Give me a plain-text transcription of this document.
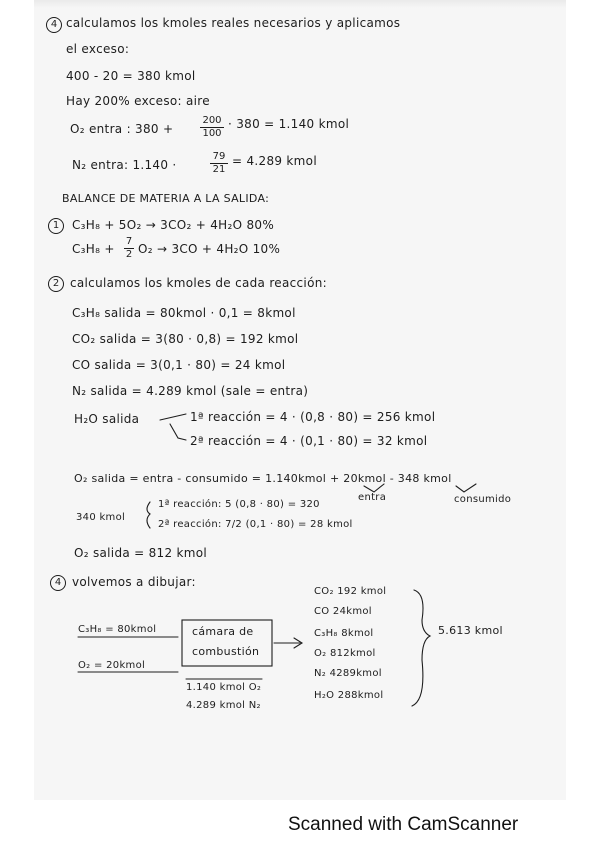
4 calculamos los kmoles reales necesarios y aplicamos
el exceso:
400 - 20 = 380 kmol
Hay 200% exceso: aire
O₂ entra : 380 +	$\frac{200}{100} \cdot 380 = 1.140$ kmol
N₂ entra: 1.140 ·	$\frac{79}{21} = 4.289$ kmol
BALANCE DE MATERIA A LA SALIDA:
1	C₃H₈ + 5O₂ → 3CO₂ + 4H₂O 80%
$C_3H_8 + \frac{7}{2} O_2 \to 3CO + 4H_2O$ 10%
2 calculamos los kmoles de cada reacción:
C₃H₈ salida = 80kmol · 0,1 = 8kmol
CO₂ salida = 3(80 · 0,8) = 192 kmol
CO salida = 3(0,1 · 80) = 24 kmol
N₂ salida = 4.289 kmol (sale = entra)
H₂O salida	1ª reacción = 4 · (0,8 · 80) = 256 kmol
2ª reacción = 4 · (0,1 · 80) = 32 kmol
O₂ salida = entra - consumido = 1.140kmol + 20kmol - 348 kmol
entra	consumido
340 kmol
1ª reacción: 5 (0,8 · 80) = 320
2ª reacción: 7/2 (0,1 · 80) = 28 kmol
O₂ salida = 812 kmol
4 volvemos a dibujar:
C₃H₈ = 80kmol
O₂ = 20kmol
cámara de
combustión
1.140 kmol O₂
4.289 kmol N₂
CO₂ 192 kmol
CO 24kmol
C₃H₈ 8kmol
O₂ 812kmol
N₂ 4289kmol
H₂O 288kmol
5.613 kmol
Scanned with CamScanner
